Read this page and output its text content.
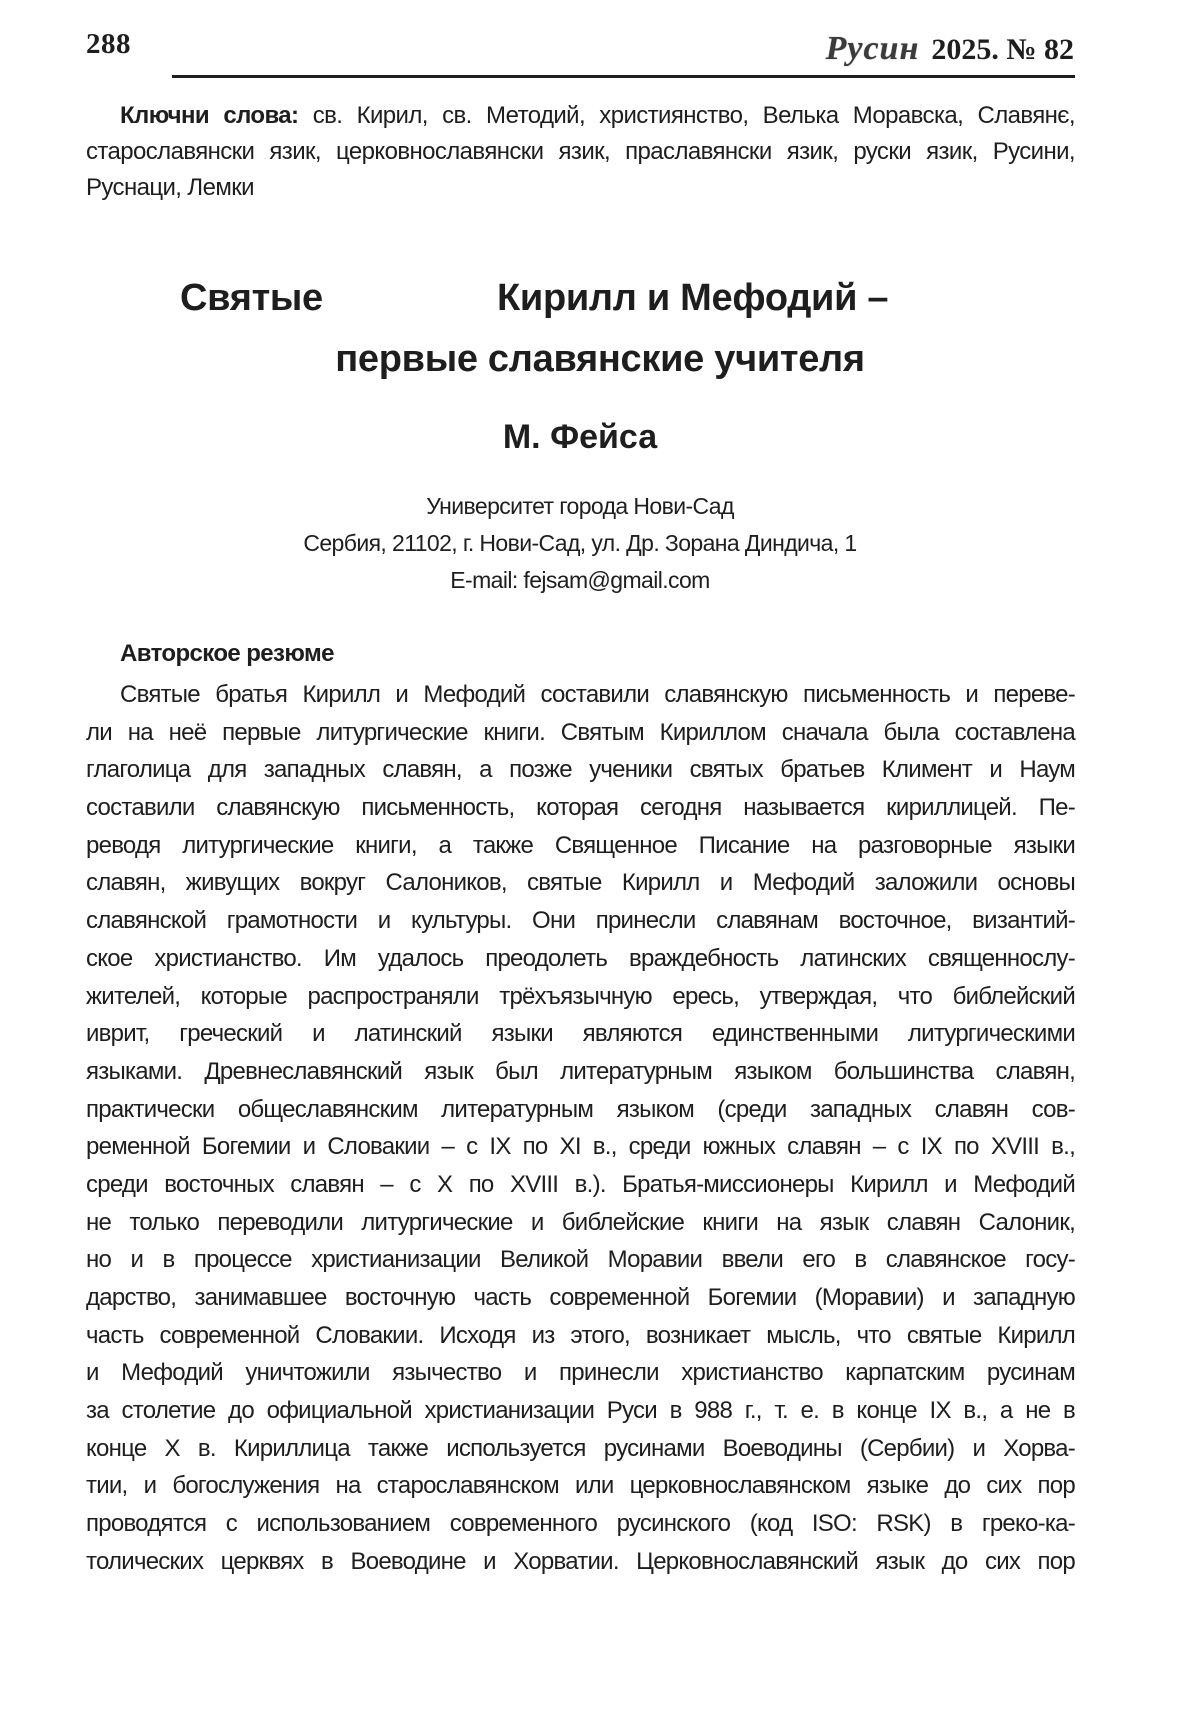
288	Русин 2025. № 82
Ключни слова: св. Кирил, св. Методий, християнство, Велька Моравска, Славянє, старославянски язик, церковнославянски язик, праславянски язик, руски язик, Русини, Руснаци, Лемки
Святые	Кирилл и Мефодий –
первые славянские учителя
М. Фейса
Университет города Нови-Сад
Сербия, 21102, г. Нови-Сад, ул. Др. Зорана Диндича, 1
E-mail: fejsam@gmail.com
Авторское резюме
Святые братья Кирилл и Мефодий составили славянскую письменность и переве-
ли на неё первые литургические книги. Святым Кириллом сначала была составлена
глаголица для западных славян, а позже ученики святых братьев Климент и Наум
составили славянскую письменность, которая сегодня называется кириллицей. Пе-
реводя литургические книги, а также Священное Писание на разговорные языки
славян, живущих вокруг Салоников, святые Кирилл и Мефодий заложили основы
славянской грамотности и культуры. Они принесли славянам восточное, византий-
ское христианство. Им удалось преодолеть враждебность латинских священнослу-
жителей, которые распространяли трёхъязычную ересь, утверждая, что библейский
иврит, греческий и латинский языки являются единственными литургическими
языками. Древнеславянский язык был литературным языком большинства славян,
практически общеславянским литературным языком (среди западных славян сов-
ременной Богемии и Словакии – с IX по XI в., среди южных славян – с IX по XVIII в.,
среди восточных славян – с X по XVIII в.). Братья-миссионеры Кирилл и Мефодий
не только переводили литургические и библейские книги на язык славян Салоник,
но и в процессе христианизации Великой Моравии ввели его в славянское госу-
дарство, занимавшее восточную часть современной Богемии (Моравии) и западную
часть современной Словакии. Исходя из этого, возникает мысль, что святые Кирилл
и Мефодий уничтожили язычество и принесли христианство карпатским русинам
за столетие до официальной христианизации Руси в 988 г., т. е. в конце IX в., а не в
конце X в. Кириллица также используется русинами Воеводины (Сербии) и Хорва-
тии, и богослужения на старославянском или церковнославянском языке до сих пор
проводятся с использованием современного русинского (код ISO: RSK) в греко-ка-
толических церквях в Воеводине и Хорватии. Церковнославянский язык до сих пор
